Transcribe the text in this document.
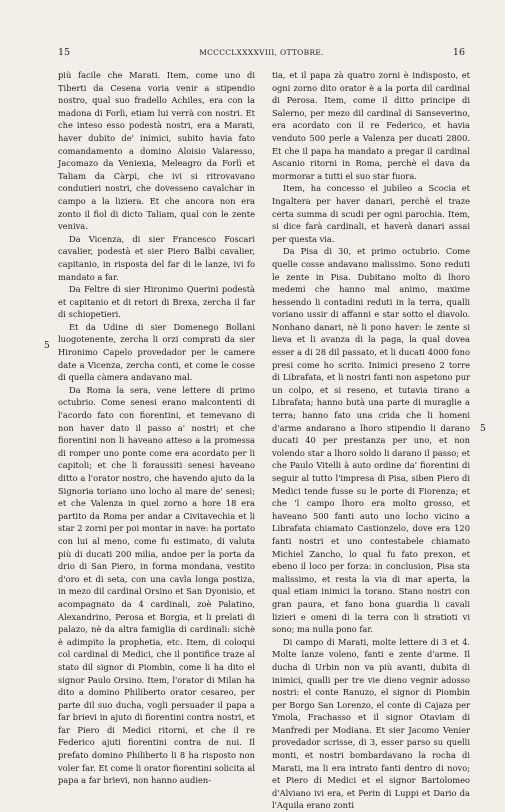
15	MCCCCLXXXXVIII, OTTOBRE.	16
5
5

più facile che Marati. Item, come uno di Tiberti da Cesena voria venir a stipendio nostro, qual suo fradello Achiles, era con la madona di Forlì, etiam lui verrà con nostri. Et che inteso esso podestà nostri, era a Marati, haver dubito de' inimici, subito havia fato comandamento a domino Aloisio Valaresso, Jacomazo da Veniexia, Meleagro da Forlì et Taliam da Càrpi, che ivi si ritrovavano condutieri nostri, che dovesseno cavalchar in campo a la liziera. Et che ancora non era zonto il fiol di dicto Taliam, qual con le zente veniva.

Da Vicenza, di sier Francesco Foscari cavalier, podestà et sier Piero Balbi cavalier, capitanio, in risposta del far di le lanze, ivi fo mandato a far.

Da Feltre di sier Hironimo Querini podestà et capitanio et di retori di Brexa, zercha il far di schiopetieri.

Et da Udine di sier Domenego Bollani luogotenente, zercha li orzi comprati da sier Hironimo Capelo provedador per le camere date a Vicenza, zercha conti, et come le cosse di quella càmera andavano mal.

Da Roma la sera, vene lettere di primo octubrio. Come senesi erano malcontenti di l'acordo fato con fiorentini, et temevano di non haver dato il passo a' nostri; et che fiorentini non li haveano atteso a la promessa di romper uno ponte come era acordato per li capitoli; et che li foraussiti senesi haveano ditto a l'orator nostro, che havendo ajuto da la Signoria toriano uno locho al mare de' senesi; et che Valenza in quel zorno a hore 18 era partito da Roma per andar a Civitavechia et li star 2 zorni per poi montar in nave: ha portato con lui al meno, come fu estimato, di valuta più di ducati 200 milia, andoe per la porta da drio di San Piero, in forma mondana, vestito d'oro et di seta, con una cavla longa postiza, in mezo dil cardinal Orsino et San Dyonisio, et acompagnato da 4 cardinali, zoè Palatino, Alexandrino, Perosa et Borgia, et li prelati di palazo, nè da altra famiglia di cardinali: sichè è adimpito la prophetia, etc. Item, di coloqui col cardinal di Medici, che il pontifice traze al stato dil signor di Piombin, come li ha dito el signor Paulo Orsino. Item, l'orator di Milan ha dito a domino Philiberto orator cesareo, per parte dil suo ducha, vogli persuader il papa a far brievi in ajuto di fiorentini contra nostri, et far Piero di Medici ritorni, et che il re Federico ajuti fiorentini contra de nui. Il prefato domino Philiberto li 8 ha risposto non voler far. Et come li orator fiorentini solicita al papa a far brievi, non hanno audien-

tia, et il papa zà quatro zorni è indisposto, et ogni zorno dito orator è a la porta dil cardinal di Perosa. Item, come il ditto principe di Salerno, per mezo dil cardinal di Sanseverino, era acordato con il re Federico, et havia venduto 500 perle a Valenza per ducati 2800. Et che il papa ha mandato a pregar il cardinal Ascanio ritorni in Roma, perchè el dava da mormorar a tutti el suo star fuora.

Item, ha concesso el jubileo a Scocia et Ingaltera per haver danari, perchè el traze certa summa di scudi per ogni parochia. Item, si dice farà cardinali, et haverà danari assai per questa via.

Da Pisa di 30, et primo octubrio. Come quelle cosse andavano malissimo. Sono reduti le zente in Pisa. Dubitano molto di lhoro medemi che hanno mal animo, maxime hessendo li contadini reduti in la terra, qualli voriano ussir di affanni e star sotto el diavolo. Nonhano danari, nè li pono haver: le zente si lieva et li avanza di la paga, la qual dovea esser a di 28 dil passato, et li ducati 4000 fono presi come ho scrito. Inimici preseno 2 torre di Librafata, et li nostri fanti non aspetono pur un colpo, et si reseno, et tutavia tirano a Librafata; hanno butà una parte di muraglie a terra; hanno fato una crida che li homeni d'arme andarano a lhoro stipendio li darano ducati 40 per prestanza per uno, et non volendo star a lhoro soldo li darano il passo; et che Paulo Vitelli à auto ordine da' fiorentini di seguir al tutto l'impresa di Pisa, siben Piero di Medici tende fusse su le porte di Fiorenza; et che 'l campo lhoro era molto grosso, et haveano 500 fanti auto uno locho vicino a Librafata chiamato Castionzelo, dove era 120 fanti nostri et uno contestabele chiamato Michiel Zancho, lo qual fu fato prexon, et ebeno il loco per forza: in conclusion, Pisa sta malissimo, et resta la via di mar aperta, la qual etiam inimici la torano. Stano nostri con gran paura, et fano bona guardia li cavali lizieri e omeni di la terra con li stratioti vi sono; ma nulla pono far.

Di campo di Marati, molte lettere di 3 et 4. Molte lanze voleno, fanti e zente d'arme. Il ducha di Urbin non va più avanti, dubita di inimici, qualli per tre vie dieno vegnir adosso nostri: el conte Ranuzo, el signor di Piombin per Borgo San Lorenzo, el conte di Cajaza per Ymola, Frachasso et il signor Otaviam di Manfredi per Modiana. Et sier Jacomo Venier provedador scrisse, di 3, esser parso su quelli monti, et nostri bombardavano la rocha di Marati, ma li era intrato fanti dentro di novo; et Piero di Medici et el signor Bartolomeo d'Alviano ivi era, et Perin di Luppi et Dario da l'Aquila erano zonti
